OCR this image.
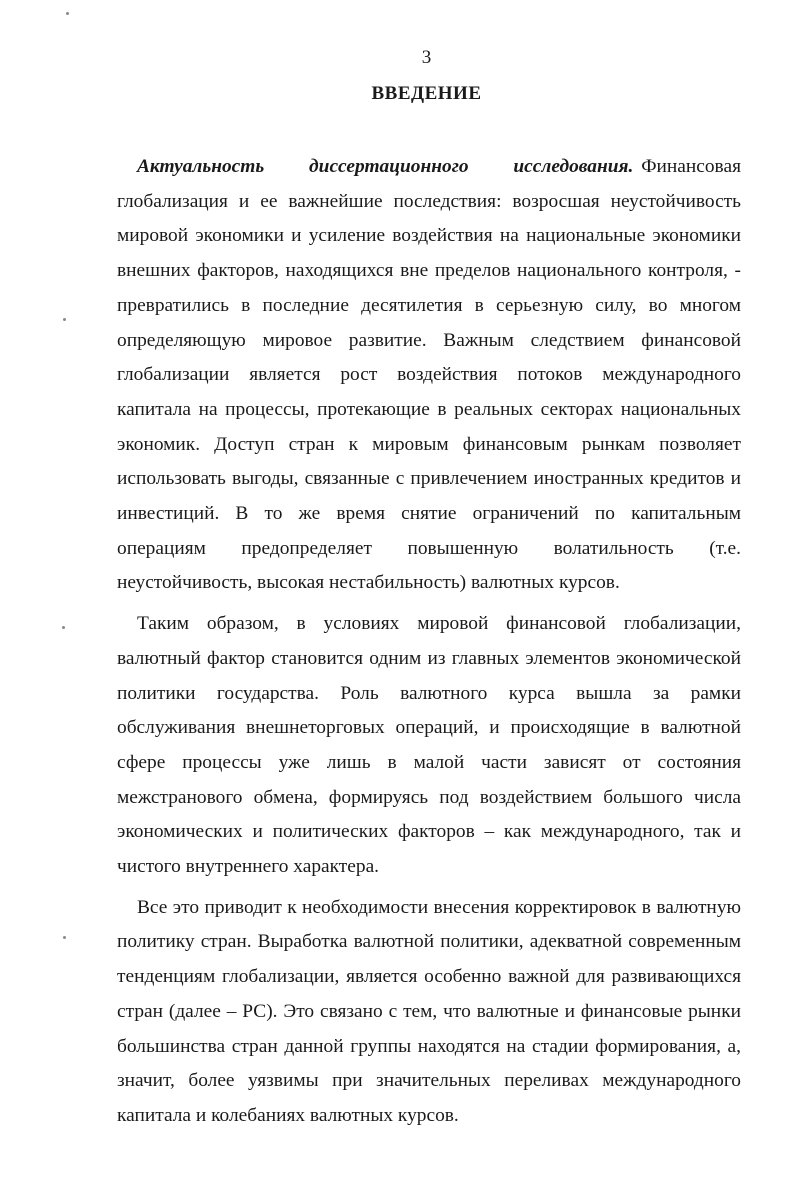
3
ВВЕДЕНИЕ

Актуальность диссертационного исследования. Финансовая глобализация и ее важнейшие последствия: возросшая неустойчивость мировой экономики и усиление воздействия на национальные экономики внешних факторов, находящихся вне пределов национального контроля, - превратились в последние десятилетия в серьезную силу, во многом определяющую мировое развитие. Важным следствием финансовой глобализации является рост воздействия потоков международного капитала на процессы, протекающие в реальных секторах национальных экономик. Доступ стран к мировым финансовым рынкам позволяет использовать выгоды, связанные с привлечением иностранных кредитов и инвестиций. В то же время снятие ограничений по капитальным операциям предопределяет повышенную волатильность (т.е. неустойчивость, высокая нестабильность) валютных курсов.

Таким образом, в условиях мировой финансовой глобализации, валютный фактор становится одним из главных элементов экономической политики государства. Роль валютного курса вышла за рамки обслуживания внешнеторговых операций, и происходящие в валютной сфере процессы уже лишь в малой части зависят от состояния межстранового обмена, формируясь под воздействием большого числа экономических и политических факторов – как международного, так и чистого внутреннего характера.

Все это приводит к необходимости внесения корректировок в валютную политику стран. Выработка валютной политики, адекватной современным тенденциям глобализации, является особенно важной для развивающихся стран (далее – РС). Это связано с тем, что валютные и финансовые рынки большинства стран данной группы находятся на стадии формирования, а, значит, более уязвимы при значительных переливах международного капитала и колебаниях валютных курсов.
